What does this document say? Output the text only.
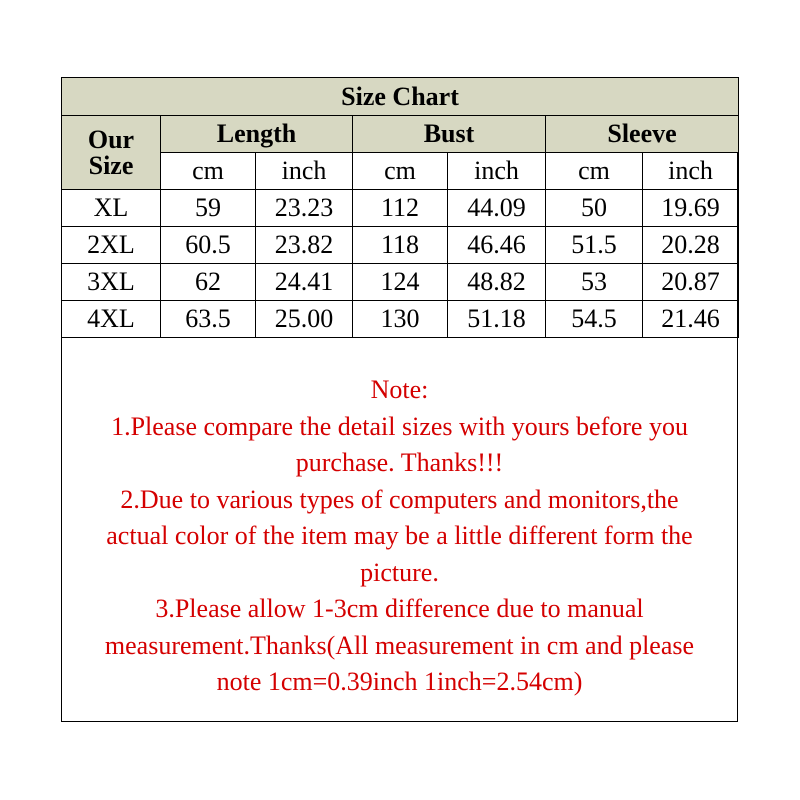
Size Chart						
Our
Size	Length		Bust		Sleeve	
	cm	inch	cm	inch	cm	inch
XL	59	23.23	112	44.09	50	19.69
2XL	60.5	23.82	118	46.46	51.5	20.28
3XL	62	24.41	124	48.82	53	20.87
4XL	63.5	25.00	130	51.18	54.5	21.46
Note:
1.Please compare the detail sizes with yours before you
purchase. Thanks!!!
2.Due to various types of computers and monitors,the
actual color of the item may be a little different form the
picture.
3.Please allow 1-3cm difference due to manual
measurement.Thanks(All measurement in cm and please
note 1cm=0.39inch 1inch=2.54cm)
